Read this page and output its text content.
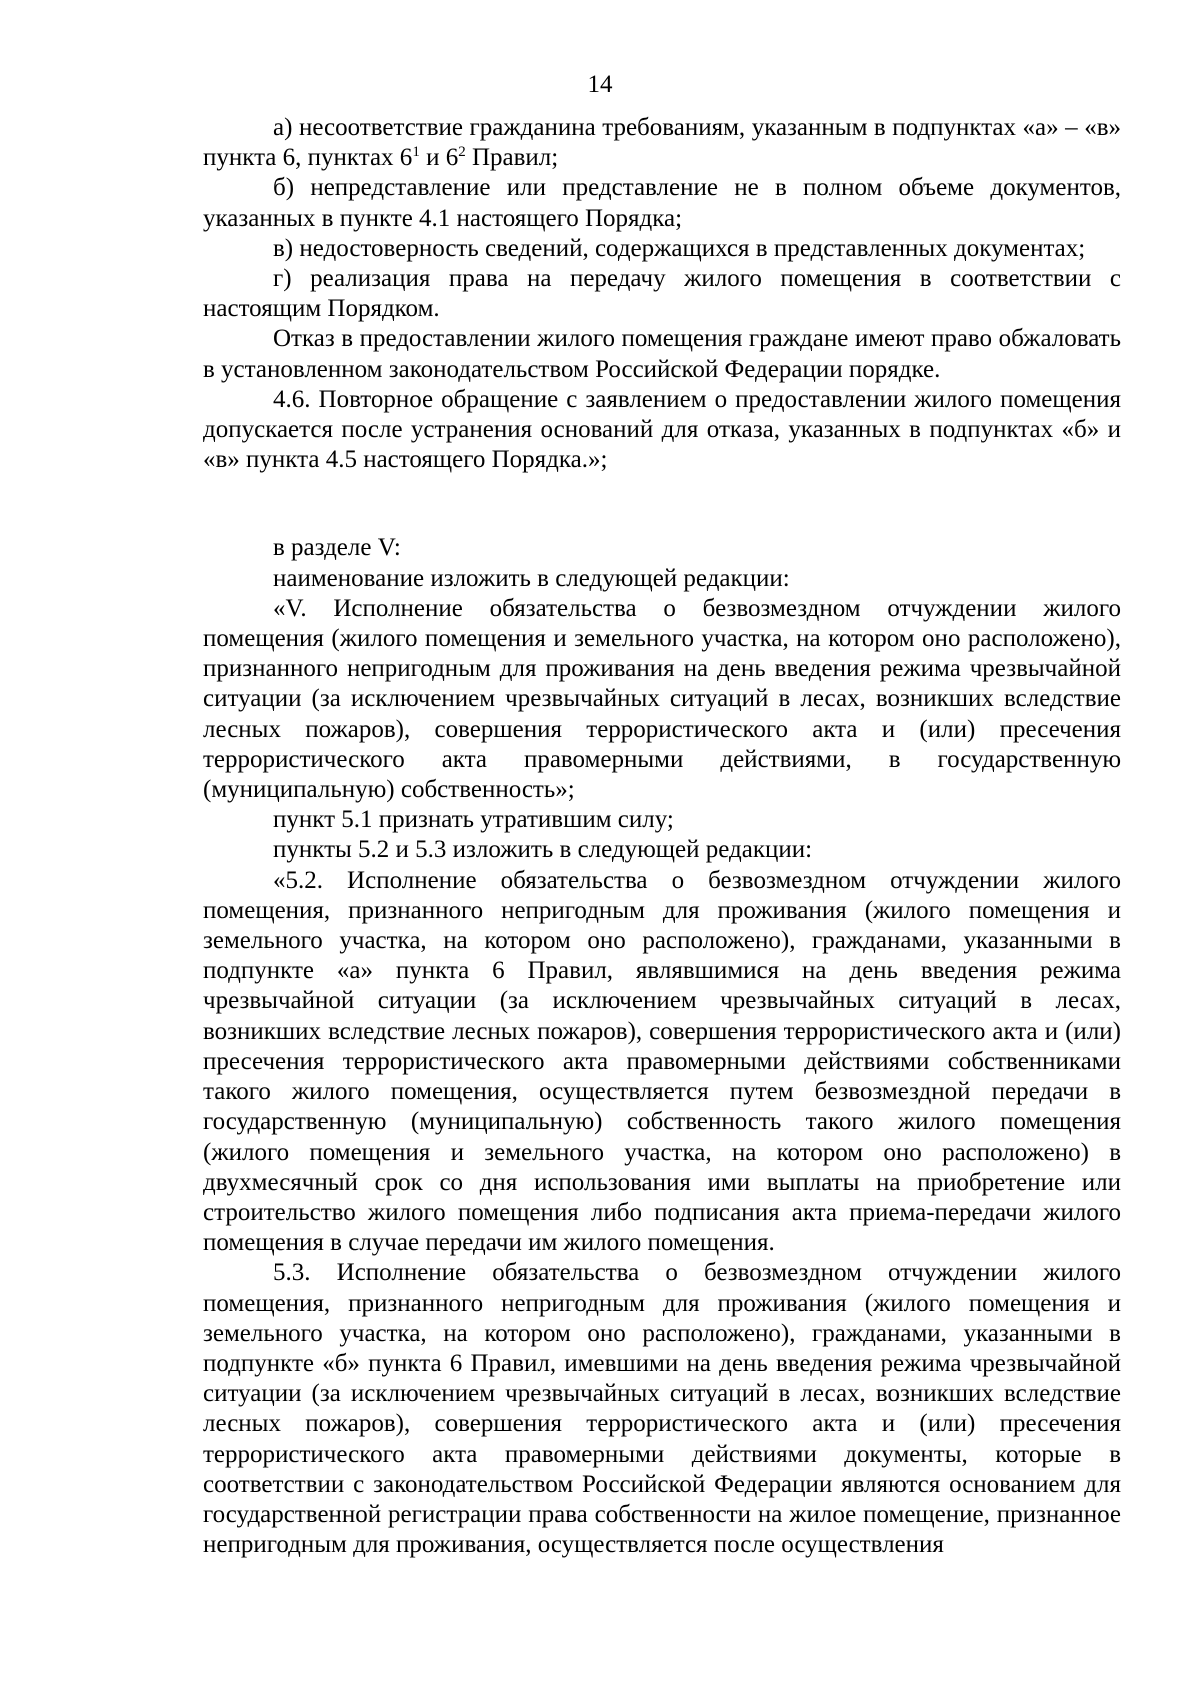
14

а) несоответствие гражданина требованиям, указанным в подпунктах «а» – «в» пункта 6, пунктах $6^1$ и $6^2$ Правил;

б) непредставление или представление не в полном объеме документов, указанных в пункте 4.1 настоящего Порядка;

в) недостоверность сведений, содержащихся в представленных документах;

г) реализация права на передачу жилого помещения в соответствии с настоящим Порядком.

Отказ в предоставлении жилого помещения граждане имеют право обжаловать в установленном законодательством Российской Федерации порядке.

4.6. Повторное обращение с заявлением о предоставлении жилого помещения допускается после устранения оснований для отказа, указанных в подпунктах «б» и «в» пункта 4.5 настоящего Порядка.»;

в разделе V:

наименование изложить в следующей редакции:

«V. Исполнение обязательства о безвозмездном отчуждении жилого помещения (жилого помещения и земельного участка, на котором оно расположено), признанного непригодным для проживания на день введения режима чрезвычайной ситуации (за исключением чрезвычайных ситуаций в лесах, возникших вследствие лесных пожаров), совершения террористического акта и (или) пресечения террористического акта правомерными действиями, в государственную (муниципальную) собственность»;

пункт 5.1 признать утратившим силу;

пункты 5.2 и 5.3 изложить в следующей редакции:

«5.2. Исполнение обязательства о безвозмездном отчуждении жилого помещения, признанного непригодным для проживания (жилого помещения и земельного участка, на котором оно расположено), гражданами, указанными в подпункте «а» пункта 6 Правил, являвшимися на день введения режима чрезвычайной ситуации (за исключением чрезвычайных ситуаций в лесах, возникших вследствие лесных пожаров), совершения террористического акта и (или) пресечения террористического акта правомерными действиями собственниками такого жилого помещения, осуществляется путем безвозмездной передачи в государственную (муниципальную) собственность такого жилого помещения (жилого помещения и земельного участка, на котором оно расположено) в двухмесячный срок со дня использования ими выплаты на приобретение или строительство жилого помещения либо подписания акта приема-передачи жилого помещения в случае передачи им жилого помещения.

5.3. Исполнение обязательства о безвозмездном отчуждении жилого помещения, признанного непригодным для проживания (жилого помещения и земельного участка, на котором оно расположено), гражданами, указанными в подпункте «б» пункта 6 Правил, имевшими на день введения режима чрезвычайной ситуации (за исключением чрезвычайных ситуаций в лесах, возникших вследствие лесных пожаров), совершения террористического акта и (или) пресечения террористического акта правомерными действиями документы, которые в соответствии с законодательством Российской Федерации являются основанием для государственной регистрации права собственности на жилое помещение, признанное непригодным для проживания, осуществляется после осуществления
